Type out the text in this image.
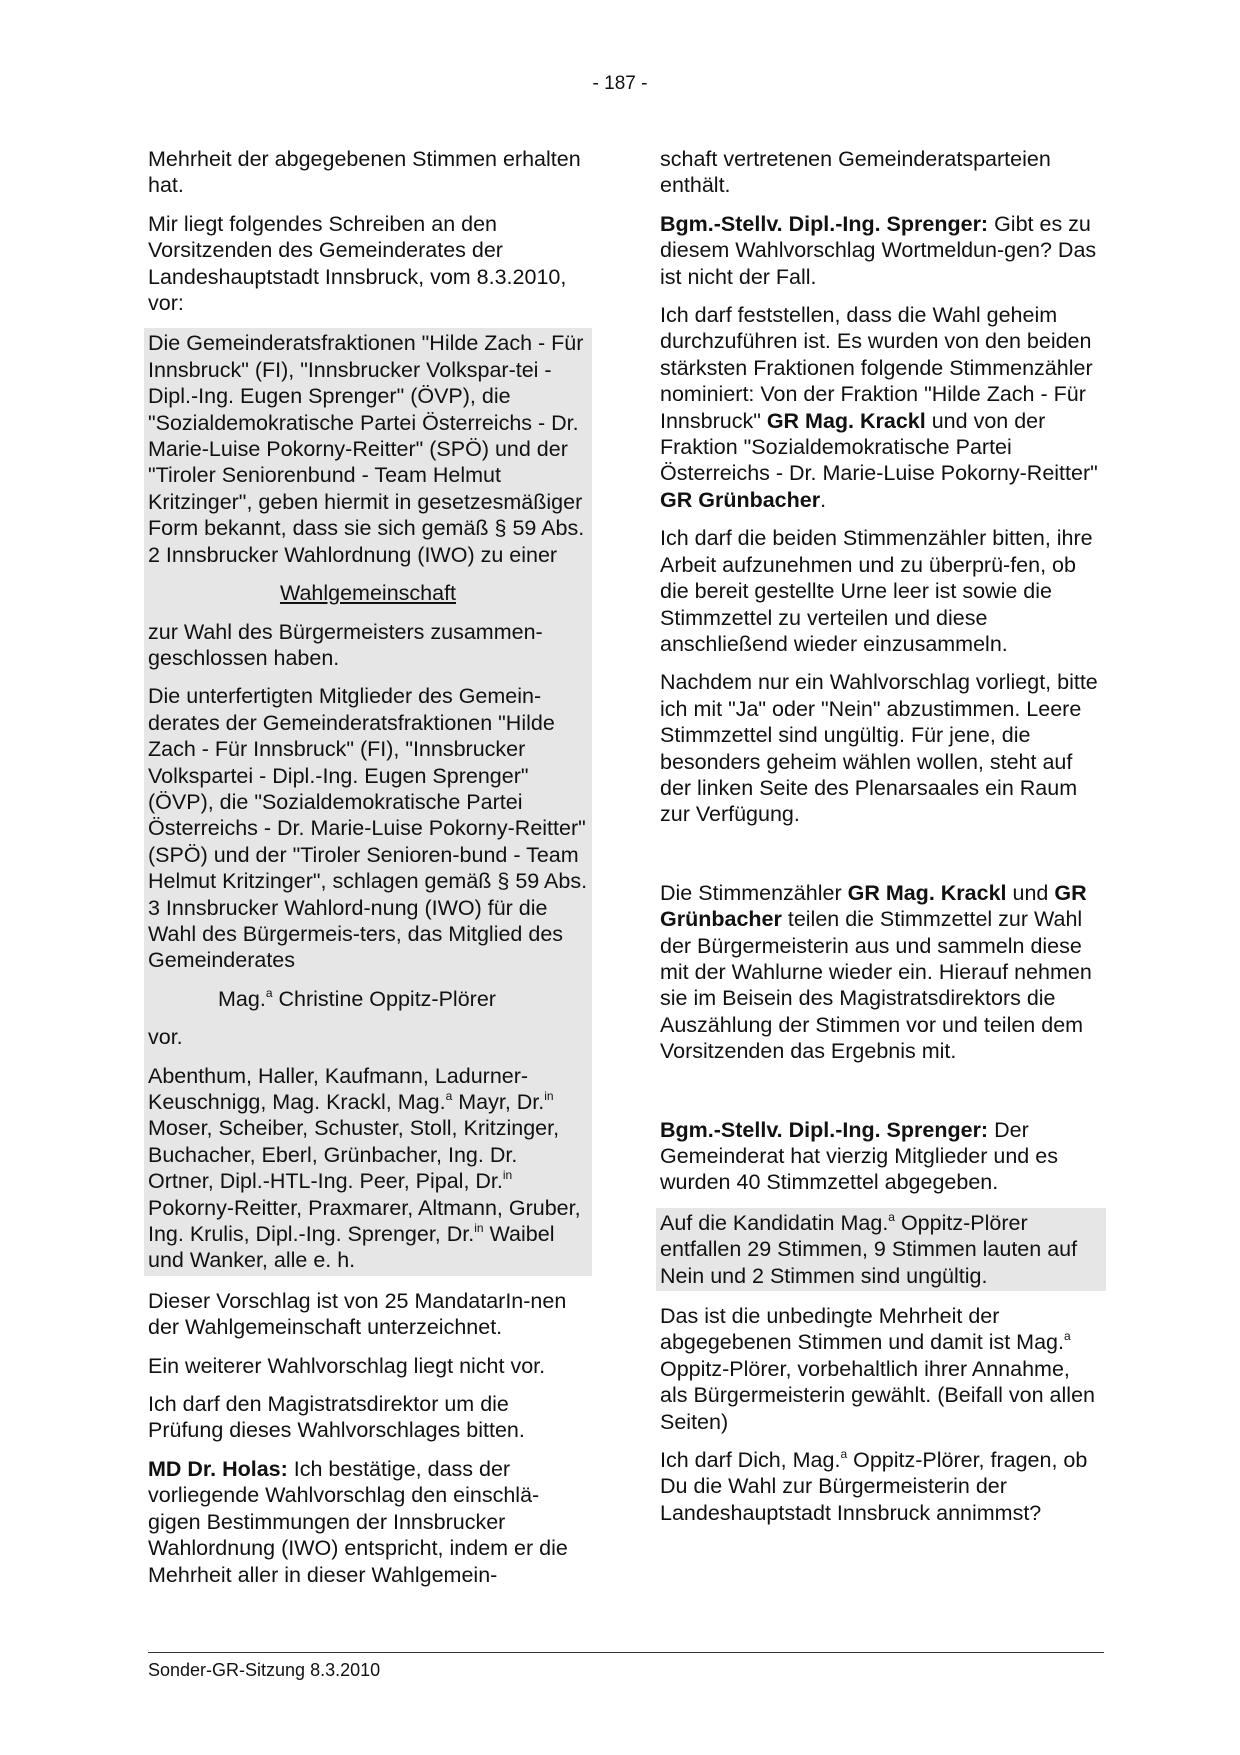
- 187 -

Mehrheit der abgegebenen Stimmen erhalten hat.

Mir liegt folgendes Schreiben an den Vorsitzenden des Gemeinderates der Landeshauptstadt Innsbruck, vom 8.3.2010, vor:

Die Gemeinderatsfraktionen "Hilde Zach - Für Innsbruck" (FI), "Innsbrucker Volkspar-tei - Dipl.-Ing. Eugen Sprenger" (ÖVP), die "Sozialdemokratische Partei Österreichs - Dr. Marie-Luise Pokorny-Reitter" (SPÖ) und der "Tiroler Seniorenbund - Team Helmut Kritzinger", geben hiermit in gesetzesmäßiger Form bekannt, dass sie sich gemäß § 59 Abs. 2 Innsbrucker Wahlordnung (IWO) zu einer

Wahlgemeinschaft

zur Wahl des Bürgermeisters zusammen-geschlossen haben.

Die unterfertigten Mitglieder des Gemein-derates der Gemeinderatsfraktionen "Hilde Zach - Für Innsbruck" (FI), "Innsbrucker Volkspartei - Dipl.-Ing. Eugen Sprenger" (ÖVP), die "Sozialdemokratische Partei Österreichs - Dr. Marie-Luise Pokorny-Reitter" (SPÖ) und der "Tiroler Senioren-bund - Team Helmut Kritzinger", schlagen gemäß § 59 Abs. 3 Innsbrucker Wahlord-nung (IWO) für die Wahl des Bürgermeis-ters, das Mitglied des Gemeinderates

Mag.$^a$ Christine Oppitz-Plörer

vor.

Abenthum, Haller, Kaufmann, Ladurner-Keuschnigg, Mag. Krackl, Mag.$^a$ Mayr, Dr.$^{in}$ Moser, Scheiber, Schuster, Stoll, Kritzinger, Buchacher, Eberl, Grünbacher, Ing. Dr. Ortner, Dipl.-HTL-Ing. Peer, Pipal, Dr.$^{in}$ Pokorny-Reitter, Praxmarer, Altmann, Gruber, Ing. Krulis, Dipl.-Ing. Sprenger, Dr.$^{in}$ Waibel und Wanker, alle e. h.

Dieser Vorschlag ist von 25 MandatarIn-nen der Wahlgemeinschaft unterzeichnet.

Ein weiterer Wahlvorschlag liegt nicht vor.

Ich darf den Magistratsdirektor um die Prüfung dieses Wahlvorschlages bitten.

MD Dr. Holas: Ich bestätige, dass der vorliegende Wahlvorschlag den einschlä-gigen Bestimmungen der Innsbrucker Wahlordnung (IWO) entspricht, indem er die Mehrheit aller in dieser Wahlgemein-

schaft vertretenen Gemeinderatsparteien enthält.

Bgm.-Stellv. Dipl.-Ing. Sprenger: Gibt es zu diesem Wahlvorschlag Wortmeldun-gen? Das ist nicht der Fall.

Ich darf feststellen, dass die Wahl geheim durchzuführen ist. Es wurden von den beiden stärksten Fraktionen folgende Stimmenzähler nominiert: Von der Fraktion "Hilde Zach - Für Innsbruck" GR Mag. Krackl und von der Fraktion "Sozialdemokratische Partei Österreichs - Dr. Marie-Luise Pokorny-Reitter"
GR Grünbacher.

Ich darf die beiden Stimmenzähler bitten, ihre Arbeit aufzunehmen und zu überprü-fen, ob die bereit gestellte Urne leer ist sowie die Stimmzettel zu verteilen und diese anschließend wieder einzusammeln.

Nachdem nur ein Wahlvorschlag vorliegt, bitte ich mit "Ja" oder "Nein" abzustimmen. Leere Stimmzettel sind ungültig. Für jene, die besonders geheim wählen wollen, steht auf der linken Seite des Plenarsaales ein Raum zur Verfügung.

Die Stimmenzähler GR Mag. Krackl und GR Grünbacher teilen die Stimmzettel zur Wahl der Bürgermeisterin aus und sammeln diese mit der Wahlurne wieder ein. Hierauf nehmen sie im Beisein des Magistratsdirektors die Auszählung der Stimmen vor und teilen dem Vorsitzenden das Ergebnis mit.

Bgm.-Stellv. Dipl.-Ing. Sprenger: Der Gemeinderat hat vierzig Mitglieder und es wurden 40 Stimmzettel abgegeben.

Auf die Kandidatin Mag.$^a$ Oppitz-Plörer entfallen 29 Stimmen, 9 Stimmen lauten auf Nein und 2 Stimmen sind ungültig.

Das ist die unbedingte Mehrheit der abgegebenen Stimmen und damit ist Mag.$^a$ Oppitz-Plörer, vorbehaltlich ihrer Annahme, als Bürgermeisterin gewählt. (Beifall von allen Seiten)

Ich darf Dich, Mag.$^a$ Oppitz-Plörer, fragen, ob Du die Wahl zur Bürgermeisterin der Landeshauptstadt Innsbruck annimmst?

Sonder-GR-Sitzung 8.3.2010
